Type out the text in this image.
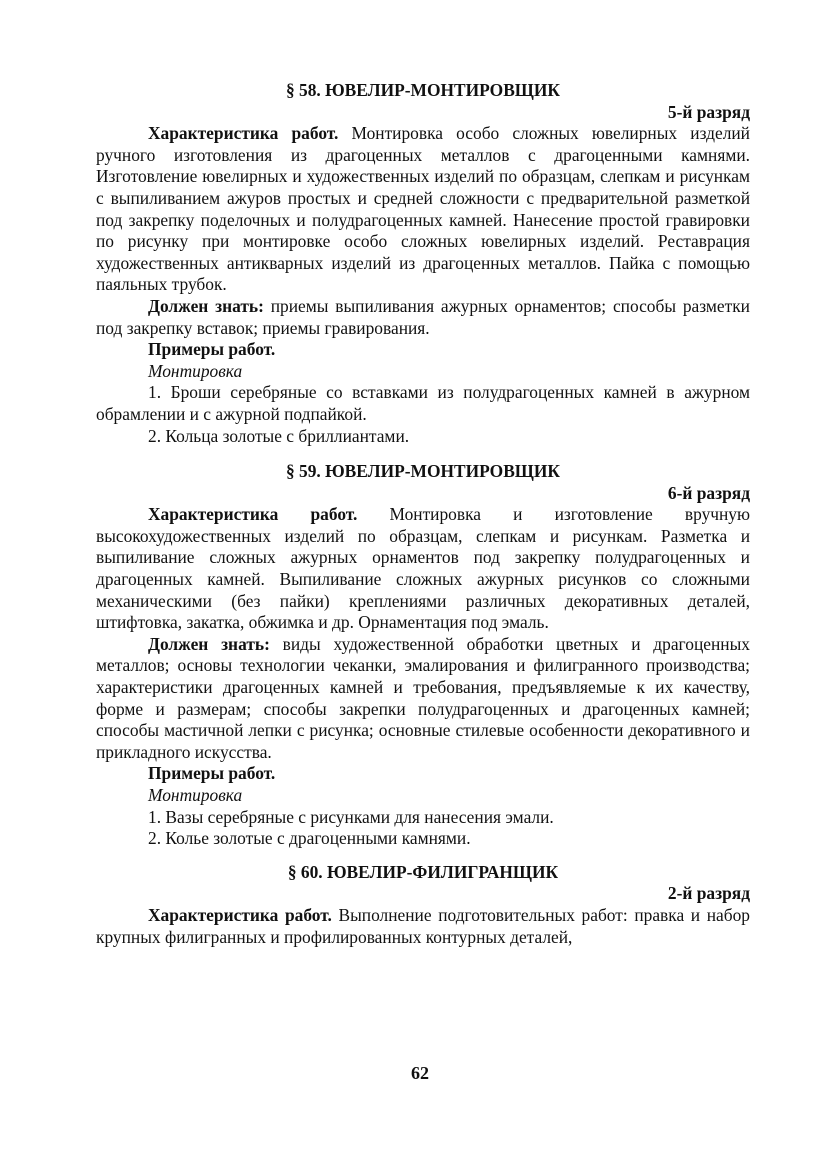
§ 58. ЮВЕЛИР-МОНТИРОВЩИК

5-й разряд

Характеристика работ. Монтировка особо сложных ювелирных изделий ручного изготовления из драгоценных металлов с драгоценными камнями. Изготовление ювелирных и художественных изделий по образцам, слепкам и рисункам с выпиливанием ажуров простых и средней сложности с предварительной разметкой под закрепку поделочных и полудрагоценных камней. Нанесение простой гравировки по рисунку при монтировке особо сложных ювелирных изделий. Реставрация художественных антикварных изделий из драгоценных металлов. Пайка с помощью паяльных трубок.

Должен знать: приемы выпиливания ажурных орнаментов; способы разметки под закрепку вставок; приемы гравирования.

Примеры работ.

Монтировка

1. Броши серебряные со вставками из полудрагоценных камней в ажурном обрамлении и с ажурной подпайкой.

2. Кольца золотые с бриллиантами.

§ 59. ЮВЕЛИР-МОНТИРОВЩИК

6-й разряд

Характеристика работ. Монтировка и изготовление вручную высокохудожественных изделий по образцам, слепкам и рисункам. Разметка и выпиливание сложных ажурных орнаментов под закрепку полудрагоценных и драгоценных камней. Выпиливание сложных ажурных рисунков со сложными механическими (без пайки) креплениями различных декоративных деталей, штифтовка, закатка, обжимка и др. Орнаментация под эмаль.

Должен знать: виды художественной обработки цветных и драгоценных металлов; основы технологии чеканки, эмалирования и филигранного производства; характеристики драгоценных камней и требования, предъявляемые к их качеству, форме и размерам; способы закрепки полудрагоценных и драгоценных камней; способы мастичной лепки с рисунка; основные стилевые особенности декоративного и прикладного искусства.

Примеры работ.

Монтировка

1. Вазы серебряные с рисунками для нанесения эмали.

2. Колье золотые с драгоценными камнями.

§ 60. ЮВЕЛИР-ФИЛИГРАНЩИК

2-й разряд

Характеристика работ. Выполнение подготовительных работ: правка и набор крупных филигранных и профилированных контурных деталей,

62
